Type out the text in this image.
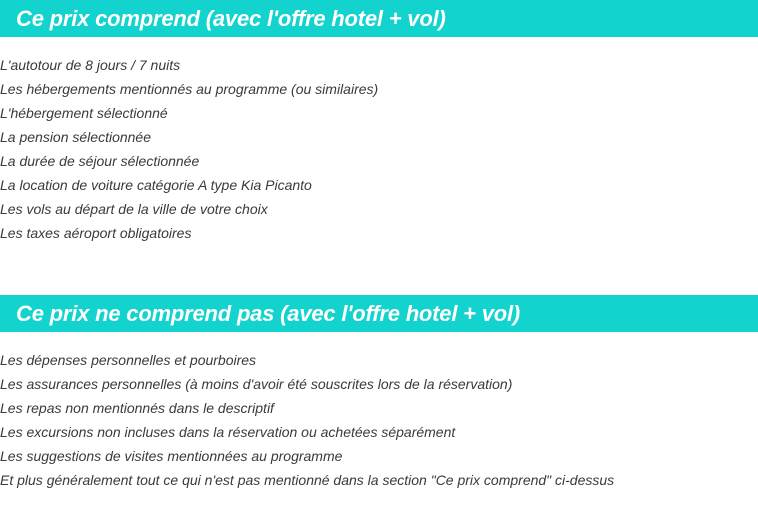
Ce prix comprend (avec l'offre hotel + vol)
L'autotour de 8 jours / 7 nuits
Les hébergements mentionnés au programme (ou similaires)
L'hébergement sélectionné
La pension sélectionnée
La durée de séjour sélectionnée
La location de voiture catégorie A type Kia Picanto
Les vols au départ de la ville de votre choix
Les taxes aéroport obligatoires
Ce prix ne comprend pas (avec l'offre hotel + vol)
Les dépenses personnelles et pourboires
Les assurances personnelles (à moins d'avoir été souscrites lors de la réservation)
Les repas non mentionnés dans le descriptif
Les excursions non incluses dans la réservation ou achetées séparément
Les suggestions de visites mentionnées au programme
Et plus généralement tout ce qui n'est pas mentionné dans la section "Ce prix comprend" ci-dessus
